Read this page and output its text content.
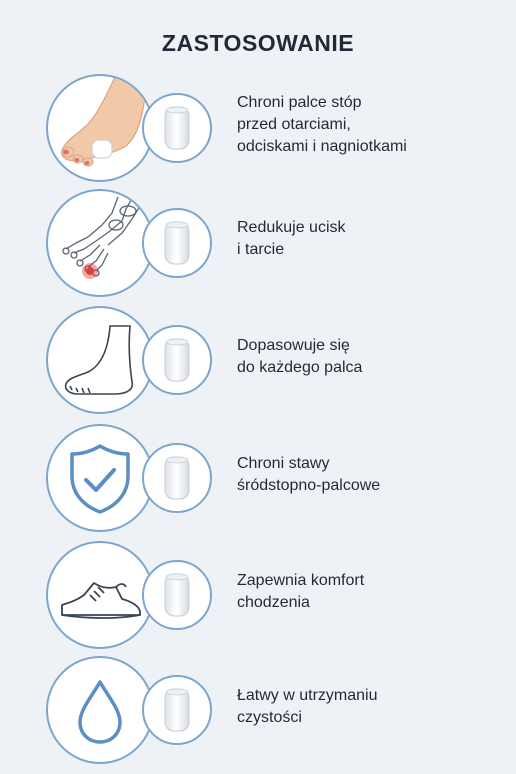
ZASTOSOWANIE
Chroni palce stóp
przed otarciami,
odciskami i nagniotkami
Redukuje ucisk
i tarcie
Dopasowuje się
do każdego palca
Chroni stawy
śródstopno-palcowe
Zapewnia komfort
chodzenia
Łatwy w utrzymaniu
czystości
